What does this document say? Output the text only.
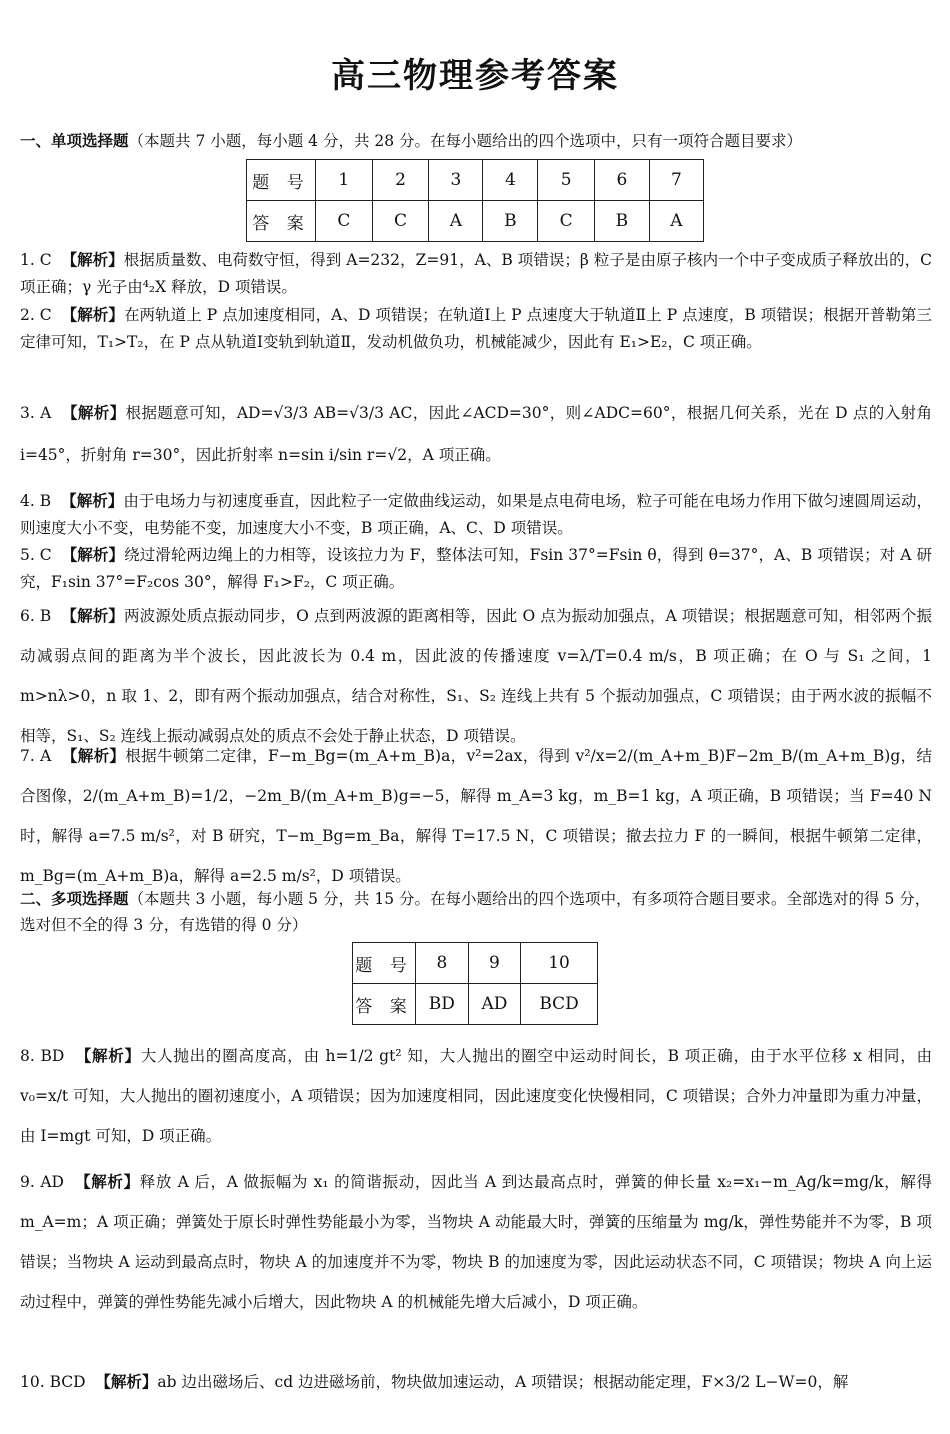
高三物理参考答案
一、单项选择题（本题共 7 小题，每小题 4 分，共 28 分。在每小题给出的四个选项中，只有一项符合题目要求）
题 号	1	2	3	4	5	6	7
答 案	C	C	A	B	C	B	A
1. C 【解析】根据质量数、电荷数守恒，得到 A=232，Z=91，A、B 项错误；β 粒子是由原子核内一个中子变成质子释放出的，C 项正确；γ 光子由⁴₂X 释放，D 项错误。
2. C 【解析】在两轨道上 P 点加速度相同，A、D 项错误；在轨道Ⅰ上 P 点速度大于轨道Ⅱ上 P 点速度，B 项错误；根据开普勒第三定律可知，T₁>T₂，在 P 点从轨道Ⅰ变轨到轨道Ⅱ，发动机做负功，机械能减少，因此有 E₁>E₂，C 项正确。
3. A 【解析】根据题意可知，AD=√3/3 AB=√3/3 AC，因此∠ACD=30°，则∠ADC=60°，根据几何关系，光在 D 点的入射角 i=45°，折射角 r=30°，因此折射率 n=sin i/sin r=√2，A 项正确。
4. B 【解析】由于电场力与初速度垂直，因此粒子一定做曲线运动，如果是点电荷电场，粒子可能在电场力作用下做匀速圆周运动，则速度大小不变，电势能不变，加速度大小不变，B 项正确，A、C、D 项错误。
5. C 【解析】绕过滑轮两边绳上的力相等，设该拉力为 F，整体法可知，Fsin 37°=Fsin θ，得到 θ=37°，A、B 项错误；对 A 研究，F₁sin 37°=F₂cos 30°，解得 F₁>F₂，C 项正确。
6. B 【解析】两波源处质点振动同步，O 点到两波源的距离相等，因此 O 点为振动加强点，A 项错误；根据题意可知，相邻两个振动减弱点间的距离为半个波长，因此波长为 0.4 m，因此波的传播速度 v=λ/T=0.4 m/s，B 项正确；在 O 与 S₁ 之间，1 m>nλ>0，n 取 1、2，即有两个振动加强点，结合对称性，S₁、S₂ 连线上共有 5 个振动加强点，C 项错误；由于两水波的振幅不相等，S₁、S₂ 连线上振动减弱点处的质点不会处于静止状态，D 项错误。
7. A 【解析】根据牛顿第二定律，F−m_Bg=(m_A+m_B)a，v²=2ax，得到 v²/x=2/(m_A+m_B)F−2m_B/(m_A+m_B)g，结合图像，2/(m_A+m_B)=1/2，−2m_B/(m_A+m_B)g=−5，解得 m_A=3 kg，m_B=1 kg，A 项正确，B 项错误；当 F=40 N 时，解得 a=7.5 m/s²，对 B 研究，T−m_Bg=m_Ba，解得 T=17.5 N，C 项错误；撤去拉力 F 的一瞬间，根据牛顿第二定律，m_Bg=(m_A+m_B)a，解得 a=2.5 m/s²，D 项错误。
二、多项选择题（本题共 3 小题，每小题 5 分，共 15 分。在每小题给出的四个选项中，有多项符合题目要求。全部选对的得 5 分，选对但不全的得 3 分，有选错的得 0 分）
题 号	8	9	10
答 案	BD	AD	BCD
8. BD 【解析】大人抛出的圈高度高，由 h=1/2 gt² 知，大人抛出的圈空中运动时间长，B 项正确，由于水平位移 x 相同，由 v₀=x/t 可知，大人抛出的圈初速度小，A 项错误；因为加速度相同，因此速度变化快慢相同，C 项错误；合外力冲量即为重力冲量，由 I=mgt 可知，D 项正确。
9. AD 【解析】释放 A 后，A 做振幅为 x₁ 的简谐振动，因此当 A 到达最高点时，弹簧的伸长量 x₂=x₁−m_Ag/k=mg/k，解得 m_A=m；A 项正确；弹簧处于原长时弹性势能最小为零，当物块 A 动能最大时，弹簧的压缩量为 mg/k，弹性势能并不为零，B 项错误；当物块 A 运动到最高点时，物块 A 的加速度并不为零，物块 B 的加速度为零，因此运动状态不同，C 项错误；物块 A 向上运动过程中，弹簧的弹性势能先减小后增大，因此物块 A 的机械能先增大后减小，D 项正确。
10. BCD 【解析】ab 边出磁场后、cd 边进磁场前，物块做加速运动，A 项错误；根据动能定理，F×3/2 L−W=0，解
